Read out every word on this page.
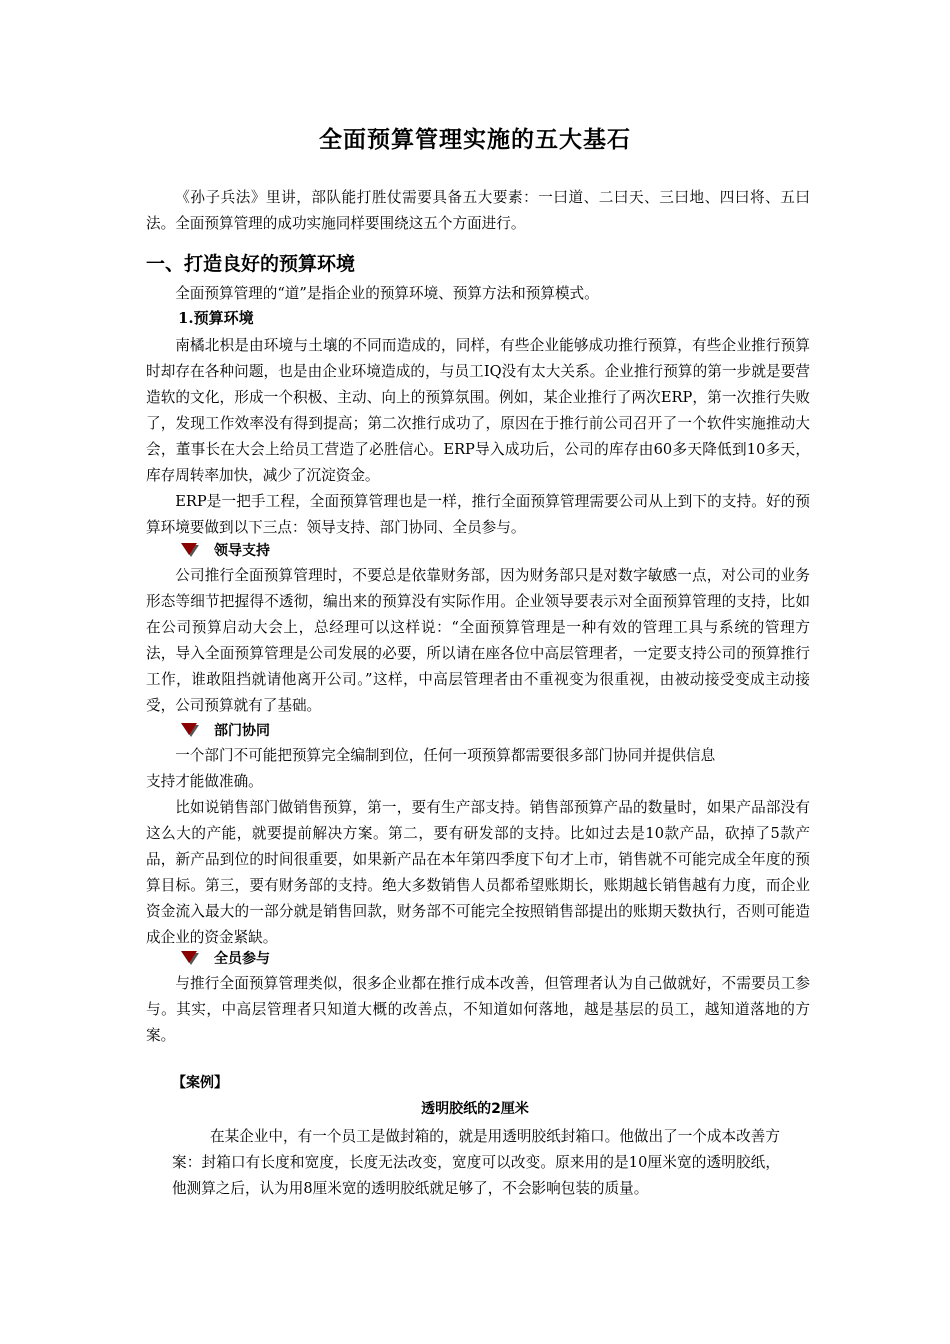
全面预算管理实施的五大基石

《孙子兵法》里讲，部队能打胜仗需要具备五大要素：一曰道、二曰天、三曰地、四曰将、五曰法。全面预算管理的成功实施同样要围绕这五个方面进行。

一、打造良好的预算环境

全面预算管理的“道”是指企业的预算环境、预算方法和预算模式。

1.预算环境

南橘北枳是由环境与土壤的不同而造成的，同样，有些企业能够成功推行预算，有些企业推行预算时却存在各种问题，也是由企业环境造成的，与员工IQ没有太大关系。企业推行预算的第一步就是要营造软的文化，形成一个积极、主动、向上的预算氛围。例如，某企业推行了两次ERP，第一次推行失败了，发现工作效率没有得到提高；第二次推行成功了，原因在于推行前公司召开了一个软件实施推动大会，董事长在大会上给员工营造了必胜信心。ERP导入成功后，公司的库存由60多天降低到10多天，库存周转率加快，减少了沉淀资金。

ERP是一把手工程，全面预算管理也是一样，推行全面预算管理需要公司从上到下的支持。好的预算环境要做到以下三点：领导支持、部门协同、全员参与。

领导支持

公司推行全面预算管理时，不要总是依靠财务部，因为财务部只是对数字敏感一点，对公司的业务形态等细节把握得不透彻，编出来的预算没有实际作用。企业领导要表示对全面预算管理的支持，比如在公司预算启动大会上，总经理可以这样说：“全面预算管理是一种有效的管理工具与系统的管理方法，导入全面预算管理是公司发展的必要，所以请在座各位中高层管理者，一定要支持公司的预算推行工作，谁敢阻挡就请他离开公司。”这样，中高层管理者由不重视变为很重视，由被动接受变成主动接受，公司预算就有了基础。

部门协同
一个部门不可能把预算完全编制到位，任何一项预算都需要很多部门协同并提供信息
支持才能做准确。

比如说销售部门做销售预算，第一，要有生产部支持。销售部预算产品的数量时，如果产品部没有这么大的产能，就要提前解决方案。第二，要有研发部的支持。比如过去是10款产品，砍掉了5款产品，新产品到位的时间很重要，如果新产品在本年第四季度下旬才上市，销售就不可能完成全年度的预算目标。第三，要有财务部的支持。绝大多数销售人员都希望账期长，账期越长销售越有力度，而企业资金流入最大的一部分就是销售回款，财务部不可能完全按照销售部提出的账期天数执行，否则可能造成企业的资金紧缺。

全员参与

与推行全面预算管理类似，很多企业都在推行成本改善，但管理者认为自己做就好，不需要员工参与。其实，中高层管理者只知道大概的改善点，不知道如何落地，越是基层的员工，越知道落地的方案。

【案例】
透明胶纸的2厘米

在某企业中，有一个员工是做封箱的，就是用透明胶纸封箱口。他做出了一个成本改善方案：封箱口有长度和宽度，长度无法改变，宽度可以改变。原来用的是10厘米宽的透明胶纸，他测算之后，认为用8厘米宽的透明胶纸就足够了，不会影响包装的质量。
